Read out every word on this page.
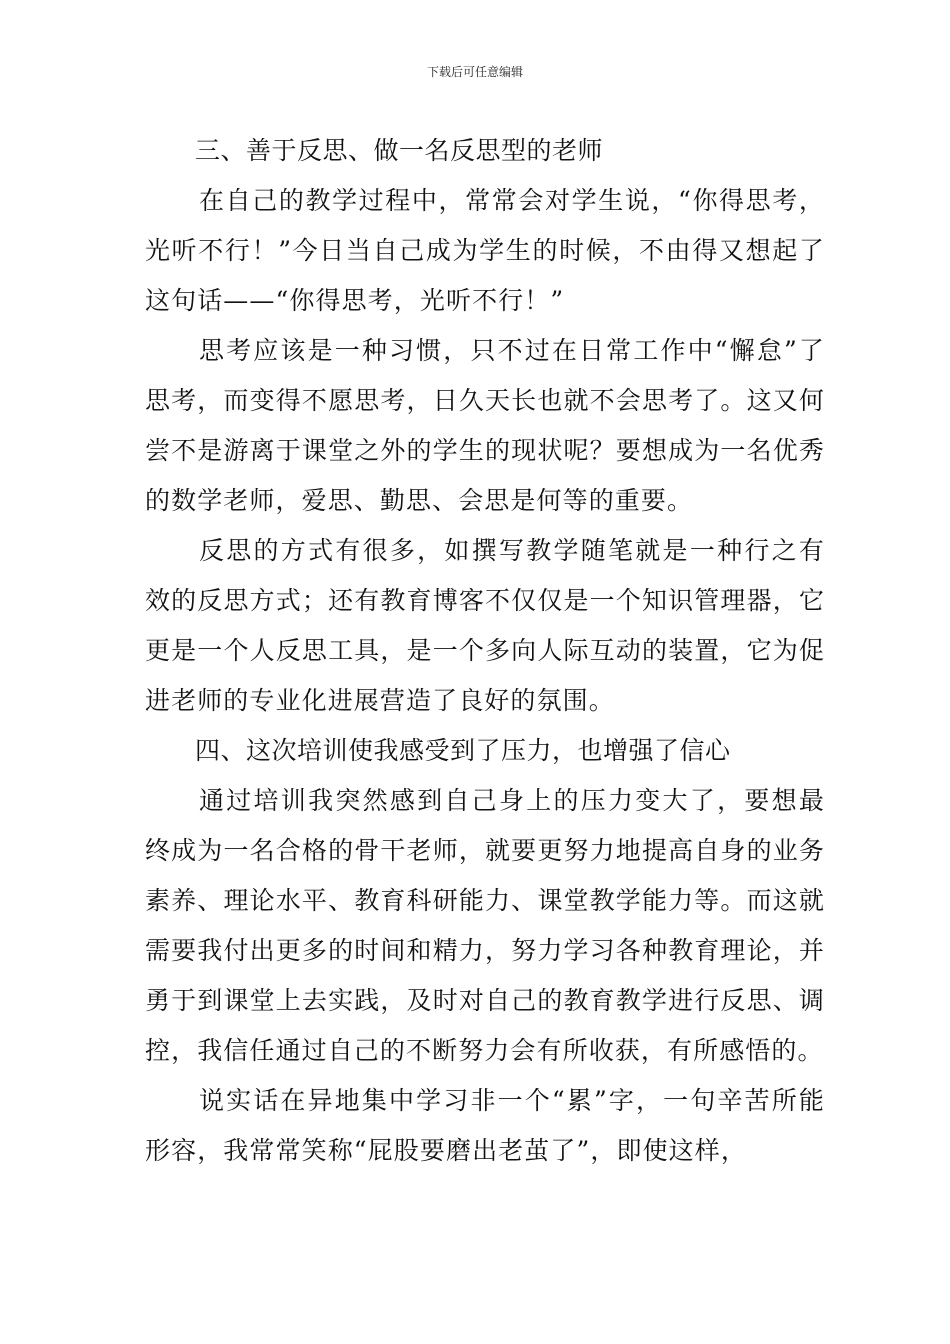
下载后可任意编辑
三、善于反思、做一名反思型的老师

在自己的教学过程中，常常会对学生说，“你得思考，光听不行！”今日当自己成为学生的时候，不由得又想起了这句话——“你得思考，光听不行！”

思考应该是一种习惯，只不过在日常工作中“懈怠”了思考，而变得不愿思考，日久天长也就不会思考了。这又何尝不是游离于课堂之外的学生的现状呢？要想成为一名优秀的数学老师，爱思、勤思、会思是何等的重要。

反思的方式有很多，如撰写教学随笔就是一种行之有效的反思方式；还有教育博客不仅仅是一个知识管理器，它更是一个人反思工具，是一个多向人际互动的装置，它为促进老师的专业化进展营造了良好的氛围。

四、这次培训使我感受到了压力，也增强了信心

通过培训我突然感到自己身上的压力变大了，要想最终成为一名合格的骨干老师，就要更努力地提高自身的业务素养、理论水平、教育科研能力、课堂教学能力等。而这就需要我付出更多的时间和精力，努力学习各种教育理论，并勇于到课堂上去实践，及时对自己的教育教学进行反思、调控，我信任通过自己的不断努力会有所收获，有所感悟的。

说实话在异地集中学习非一个“累”字，一句辛苦所能形容，我常常笑称“屁股要磨出老茧了”，即使这样，
